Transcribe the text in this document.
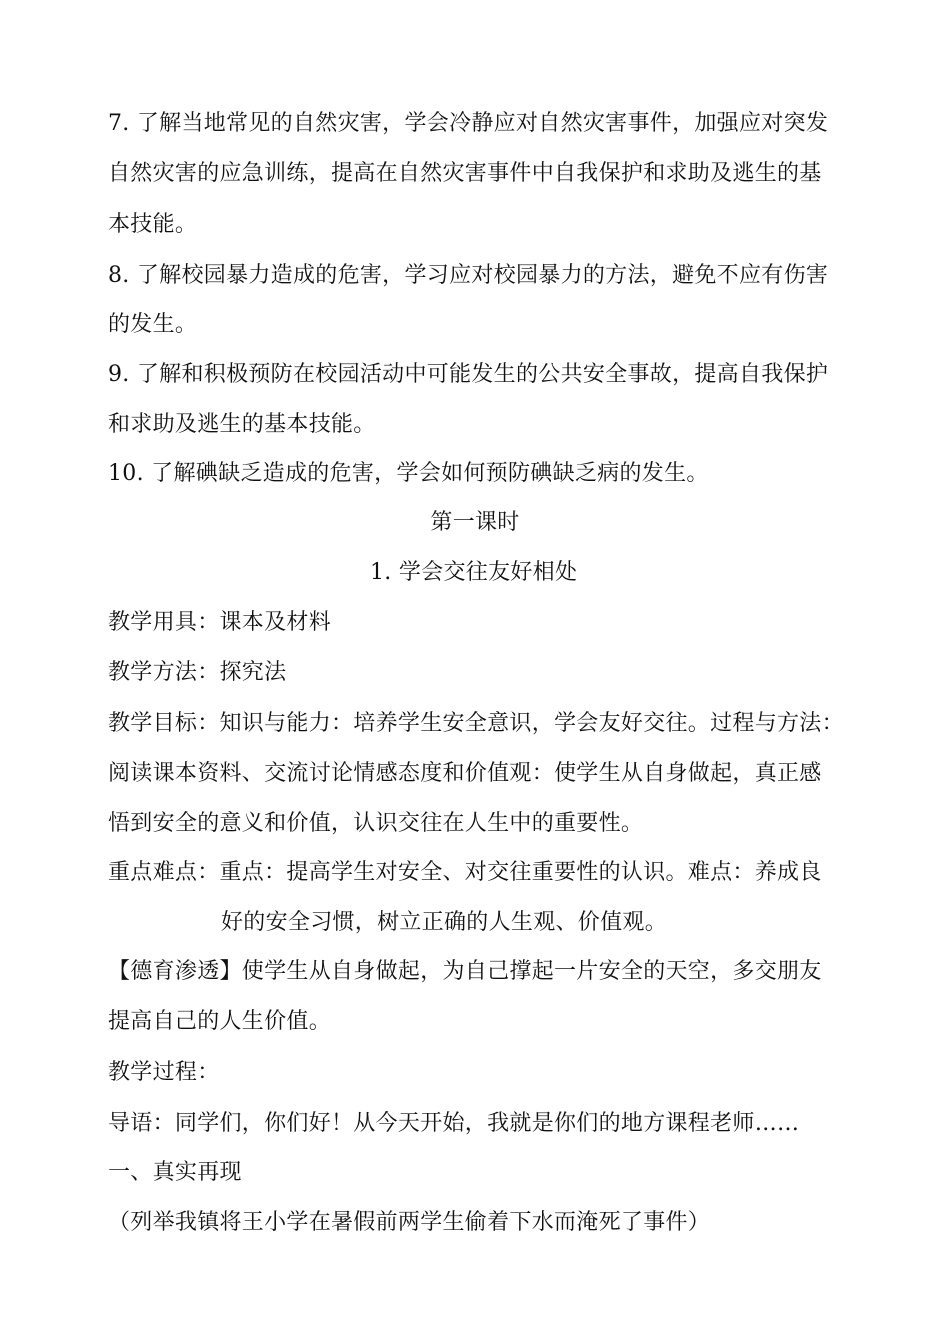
7. 了解当地常见的自然灾害，学会冷静应对自然灾害事件，加强应对突发
自然灾害的应急训练，提高在自然灾害事件中自我保护和求助及逃生的基
本技能。
8. 了解校园暴力造成的危害，学习应对校园暴力的方法，避免不应有伤害
的发生。
9. 了解和积极预防在校园活动中可能发生的公共安全事故，提高自我保护
和求助及逃生的基本技能。
10. 了解碘缺乏造成的危害，学会如何预防碘缺乏病的发生。
第一课时
1. 学会交往友好相处
教学用具：课本及材料
教学方法：探究法
教学目标：知识与能力：培养学生安全意识，学会友好交往。过程与方法：
阅读课本资料、交流讨论情感态度和价值观：使学生从自身做起，真正感
悟到安全的意义和价值，认识交往在人生中的重要性。
重点难点：重点：提高学生对安全、对交往重要性的认识。难点：养成良
好的安全习惯，树立正确的人生观、价值观。
【德育渗透】使学生从自身做起，为自己撑起一片安全的天空，多交朋友
提高自己的人生价值。
教学过程：
导语：同学们，你们好！从今天开始，我就是你们的地方课程老师……
一、真实再现
（列举我镇将王小学在暑假前两学生偷着下水而淹死了事件）
